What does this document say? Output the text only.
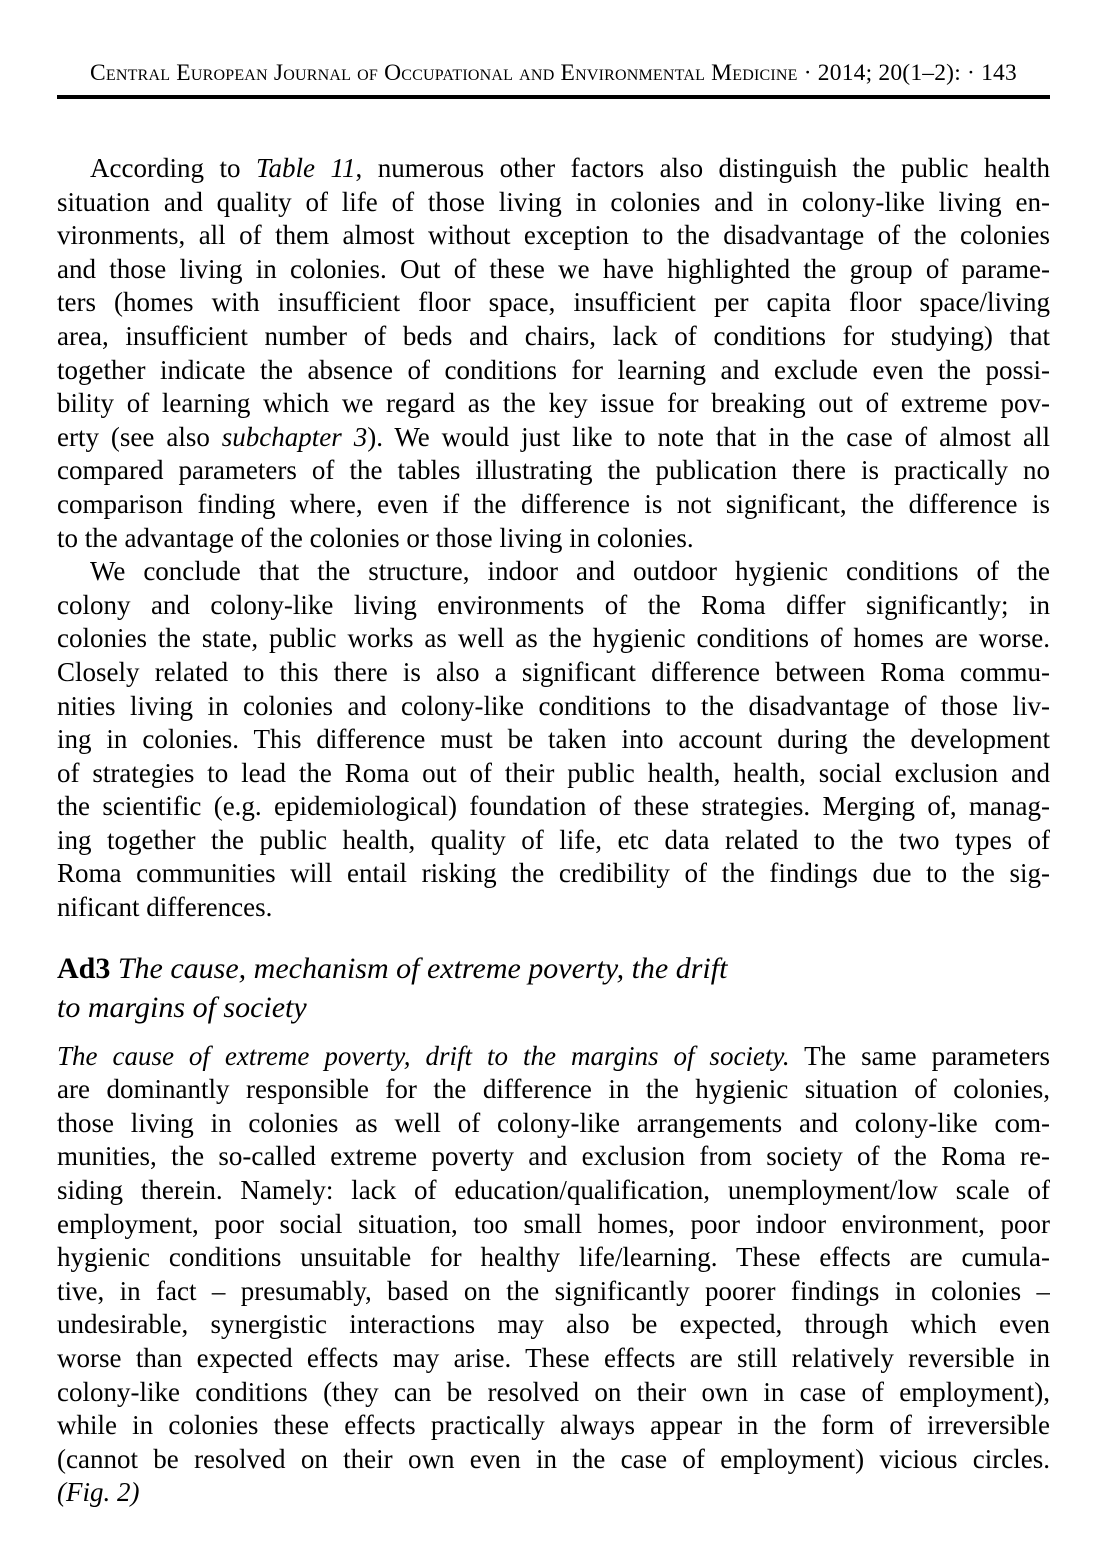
Central European Journal of Occupational and Environmental Medicine · 2014; 20(1–2): · 143
According to Table 11, numerous other factors also distinguish the public health
situation and quality of life of those living in colonies and in colony-like living en-
vironments, all of them almost without exception to the disadvantage of the colonies
and those living in colonies. Out of these we have highlighted the group of parame-
ters (homes with insufficient floor space, insufficient per capita floor space/living
area, insufficient number of beds and chairs, lack of conditions for studying) that
together indicate the absence of conditions for learning and exclude even the possi-
bility of learning which we regard as the key issue for breaking out of extreme pov-
erty (see also subchapter 3). We would just like to note that in the case of almost all
compared parameters of the tables illustrating the publication there is practically no
comparison finding where, even if the difference is not significant, the difference is
to the advantage of the colonies or those living in colonies.
We conclude that the structure, indoor and outdoor hygienic conditions of the
colony and colony-like living environments of the Roma differ significantly; in
colonies the state, public works as well as the hygienic conditions of homes are worse.
Closely related to this there is also a significant difference between Roma commu-
nities living in colonies and colony-like conditions to the disadvantage of those liv-
ing in colonies. This difference must be taken into account during the development
of strategies to lead the Roma out of their public health, health, social exclusion and
the scientific (e.g. epidemiological) foundation of these strategies. Merging of, manag-
ing together the public health, quality of life, etc data related to the two types of
Roma communities will entail risking the credibility of the findings due to the sig-
nificant differences.
Ad3 The cause, mechanism of extreme poverty, the drift
to margins of society
The cause of extreme poverty, drift to the margins of society. The same parameters
are dominantly responsible for the difference in the hygienic situation of colonies,
those living in colonies as well of colony-like arrangements and colony-like com-
munities, the so-called extreme poverty and exclusion from society of the Roma re-
siding therein. Namely: lack of education/qualification, unemployment/low scale of
employment, poor social situation, too small homes, poor indoor environment, poor
hygienic conditions unsuitable for healthy life/learning. These effects are cumula-
tive, in fact – presumably, based on the significantly poorer findings in colonies –
undesirable, synergistic interactions may also be expected, through which even
worse than expected effects may arise. These effects are still relatively reversible in
colony-like conditions (they can be resolved on their own in case of employment),
while in colonies these effects practically always appear in the form of irreversible
(cannot be resolved on their own even in the case of employment) vicious circles.
(Fig. 2)
